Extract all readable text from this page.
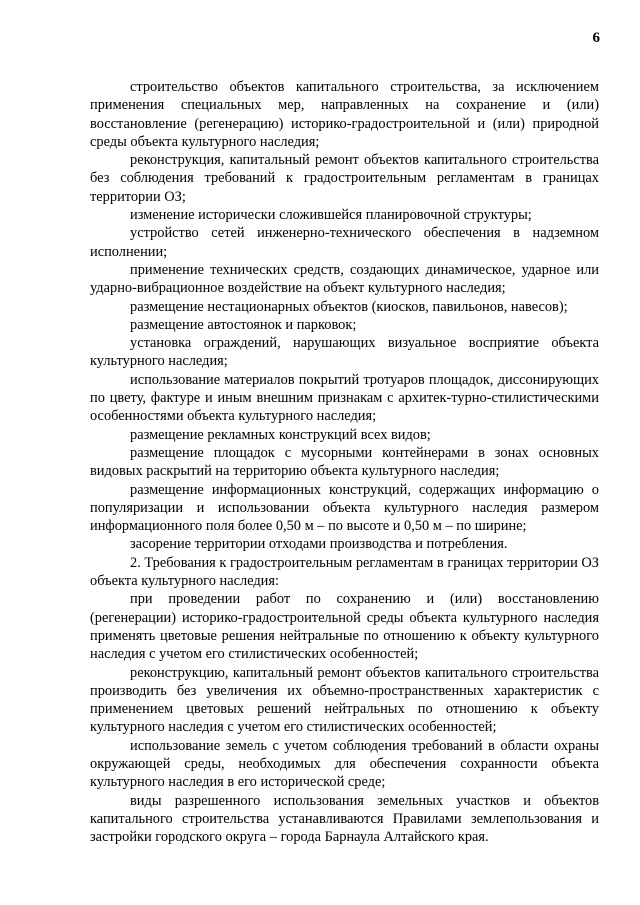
6

строительство объектов капитального строительства, за исключением применения специальных мер, направленных на сохранение и (или) восстановление (регенерацию) историко-градостроительной и (или) природной среды объекта культурного наследия;

реконструкция, капитальный ремонт объектов капитального строительства без соблюдения требований к градостроительным регламентам в границах территории ОЗ;

изменение исторически сложившейся планировочной структуры;

устройство сетей инженерно-технического обеспечения в надземном исполнении;

применение технических средств, создающих динамическое, ударное или ударно-вибрационное воздействие на объект культурного наследия;

размещение нестационарных объектов (киосков, павильонов, навесов);

размещение автостоянок и парковок;

установка ограждений, нарушающих визуальное восприятие объекта культурного наследия;

использование материалов покрытий тротуаров площадок, диссонирующих по цвету, фактуре и иным внешним признакам с архитек-турно-стилистическими особенностями объекта культурного наследия;

размещение рекламных конструкций всех видов;

размещение площадок с мусорными контейнерами в зонах основных видовых раскрытий на территорию объекта культурного наследия;

размещение информационных конструкций, содержащих информацию о популяризации и использовании объекта культурного наследия размером информационного поля более 0,50 м – по высоте и 0,50 м – по ширине;

засорение территории отходами производства и потребления.

2. Требования к градостроительным регламентам в границах территории ОЗ объекта культурного наследия:

при проведении работ по сохранению и (или) восстановлению (регенерации) историко-градостроительной среды объекта культурного наследия применять цветовые решения нейтральные по отношению к объекту культурного наследия с учетом его стилистических особенностей;

реконструкцию, капитальный ремонт объектов капитального строительства производить без увеличения их объемно-пространственных характеристик с применением цветовых решений нейтральных по отношению к объекту культурного наследия с учетом его стилистических особенностей;

использование земель с учетом соблюдения требований в области охраны окружающей среды, необходимых для обеспечения сохранности объекта культурного наследия в его исторической среде;

виды разрешенного использования земельных участков и объектов капитального строительства устанавливаются Правилами землепользования и застройки городского округа – города Барнаула Алтайского края.
